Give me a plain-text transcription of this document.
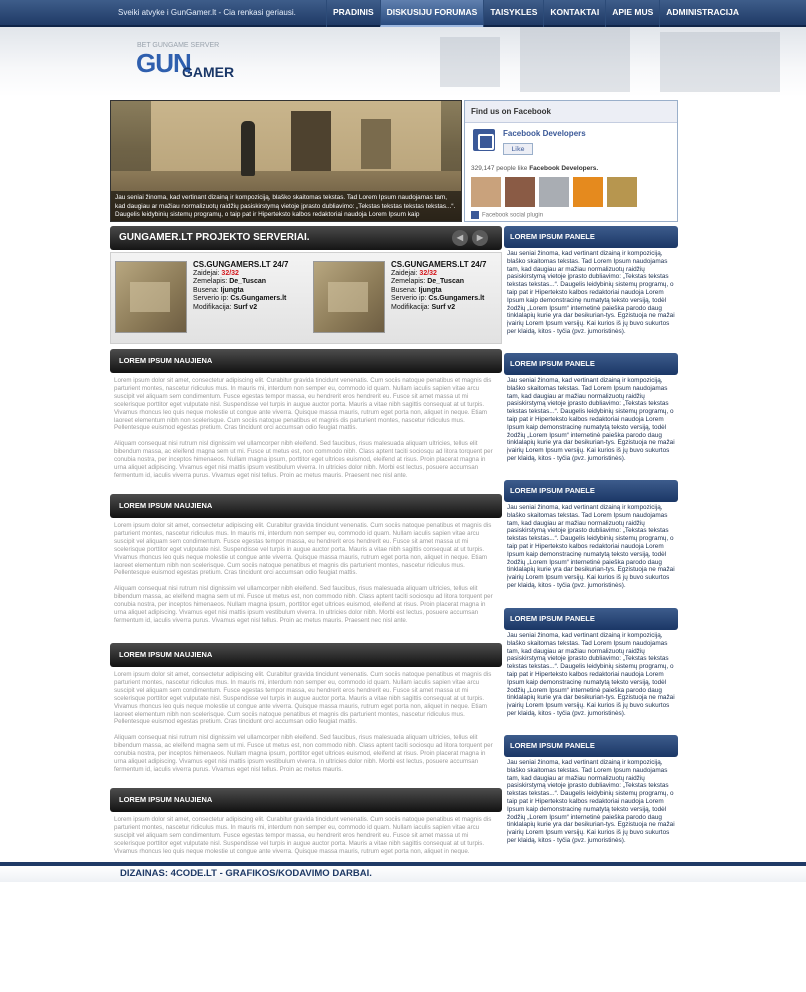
Sveiki atvyke i GunGamer.lt - Cia renkasi geriausi.	PRADINIS	DISKUSIJU FORUMAS	TAISYKLES	KONTAKTAI	APIE MUS	ADMINISTRACIJA
BET GUNGAME SERVER
GUN
GAMER
Jau seniai žinoma, kad vertinant dizainą ir kompoziciją, blaško skaitomas tekstas. Tad Lorem Ipsum naudojamas tam, kad daugiau ar mažiau normalizuotų raidžių pasiskirstymą vietoje įprasto dubliavimo: „Tekstas tekstas tekstas tekstas...“. Daugelis leidybinių sistemų programų, o taip pat ir Hipertekstо kalbos redaktoriai naudoja Lorem Ipsum kaip
Find us on Facebook
Facebook Developers
Like
329,147 people like Facebook Developers.
Facebook social plugin
GUNGAMER.LT PROJEKTO SERVERIAI.	◀	▶
CS.GUNGAMERS.LT 24/7
Zaidejai: 32/32
Zemelapis: De_Tuscan
Busena: Ijungta
Serverio ip: Cs.Gungamers.lt
Modifikacija: Surf v2
CS.GUNGAMERS.LT 24/7
Zaidejai: 32/32
Zemelapis: De_Tuscan
Busena: Ijungta
Serverio ip: Cs.Gungamers.lt
Modifikacija: Surf v2
LOREM IPSUM NAUJIENA

Lorem ipsum dolor sit amet, consectetur adipiscing elit. Curabitur gravida tincidunt venenatis. Cum sociis natoque penatibus et magnis dis parturient montes, nascetur ridiculus mus. In mauris mi, interdum non semper eu, commodo id quam. Nullam iaculis sapien vitae arcu suscipit vel aliquam sem condimentum. Fusce egestas tempor massa, eu hendrerit eros hendrerit eu. Fusce sit amet massa ut mi scelerisque porttitor eget vulputate nisl. Suspendisse vel turpis in augue auctor porta. Mauris a vitae nibh sagittis consequat at ut turpis. Vivamus rhoncus leo quis neque molestie ut congue ante viverra. Quisque massa mauris, rutrum eget porta non, aliquet in neque. Etiam laoreet elementum nibh non scelerisque. Cum sociis natoque penatibus et magnis dis parturient montes, nascetur ridiculus mus. Pellentesque euismod egestas pretium. Cras tincidunt orci accumsan odio feugiat mattis.

Aliquam consequat nisi rutrum nisl dignissim vel ullamcorper nibh eleifend. Sed faucibus, risus malesuada aliquam ultricies, tellus elit bibendum massa, ac eleifend magna sem ut mi. Fusce ut metus est, non commodo nibh. Class aptent taciti sociosqu ad litora torquent per conubia nostra, per inceptos himenaeos. Nullam magna ipsum, porttitor eget ultrices euismod, eleifend at risus. Proin placerat magna in urna aliquet adipiscing. Vivamus eget nisi mattis ipsum vestibulum viverra. In ultricies dolor nibh. Morbi est lectus, posuere accumsan fermentum id, iaculis viverra purus. Vivamus eget nisl tellus. Proin ac metus mauris. Praesent nec nisl ante.

LOREM IPSUM NAUJIENA

Lorem ipsum dolor sit amet, consectetur adipiscing elit. Curabitur gravida tincidunt venenatis. Cum sociis natoque penatibus et magnis dis parturient montes, nascetur ridiculus mus. In mauris mi, interdum non semper eu, commodo id quam. Nullam iaculis sapien vitae arcu suscipit vel aliquam sem condimentum. Fusce egestas tempor massa, eu hendrerit eros hendrerit eu. Fusce sit amet massa ut mi scelerisque porttitor eget vulputate nisl. Suspendisse vel turpis in augue auctor porta. Mauris a vitae nibh sagittis consequat at ut turpis. Vivamus rhoncus leo quis neque molestie ut congue ante viverra. Quisque massa mauris, rutrum eget porta non, aliquet in neque. Etiam laoreet elementum nibh non scelerisque. Cum sociis natoque penatibus et magnis dis parturient montes, nascetur ridiculus mus. Pellentesque euismod egestas pretium. Cras tincidunt orci accumsan odio feugiat mattis.

Aliquam consequat nisi rutrum nisl dignissim vel ullamcorper nibh eleifend. Sed faucibus, risus malesuada aliquam ultricies, tellus elit bibendum massa, ac eleifend magna sem ut mi. Fusce ut metus est, non commodo nibh. Class aptent taciti sociosqu ad litora torquent per conubia nostra, per inceptos himenaeos. Nullam magna ipsum, porttitor eget ultrices euismod, eleifend at risus. Proin placerat magna in urna aliquet adipiscing. Vivamus eget nisi mattis ipsum vestibulum viverra. In ultricies dolor nibh. Morbi est lectus, posuere accumsan fermentum id, iaculis viverra purus. Vivamus eget nisl tellus. Proin ac metus mauris. Praesent nec nisl ante.

LOREM IPSUM NAUJIENA

Lorem ipsum dolor sit amet, consectetur adipiscing elit. Curabitur gravida tincidunt venenatis. Cum sociis natoque penatibus et magnis dis parturient montes, nascetur ridiculus mus. In mauris mi, interdum non semper eu, commodo id quam. Nullam iaculis sapien vitae arcu suscipit vel aliquam sem condimentum. Fusce egestas tempor massa, eu hendrerit eros hendrerit eu. Fusce sit amet massa ut mi scelerisque porttitor eget vulputate nisl. Suspendisse vel turpis in augue auctor porta. Mauris a vitae nibh sagittis consequat at ut turpis. Vivamus rhoncus leo quis neque molestie ut congue ante viverra. Quisque massa mauris, rutrum eget porta non, aliquet in neque. Etiam laoreet elementum nibh non scelerisque. Cum sociis natoque penatibus et magnis dis parturient montes, nascetur ridiculus mus. Pellentesque euismod egestas pretium. Cras tincidunt orci accumsan odio feugiat mattis.

Aliquam consequat nisi rutrum nisl dignissim vel ullamcorper nibh eleifend. Sed faucibus, risus malesuada aliquam ultricies, tellus elit bibendum massa, ac eleifend magna sem ut mi. Fusce ut metus est, non commodo nibh. Class aptent taciti sociosqu ad litora torquent per conubia nostra, per inceptos himenaeos. Nullam magna ipsum, porttitor eget ultrices euismod, eleifend at risus. Proin placerat magna in urna aliquet adipiscing. Vivamus eget nisi mattis ipsum vestibulum viverra. In ultricies dolor nibh. Morbi est lectus, posuere accumsan fermentum id, iaculis viverra purus. Vivamus eget nisl tellus. Proin ac metus mauris.

LOREM IPSUM NAUJIENA

Lorem ipsum dolor sit amet, consectetur adipiscing elit. Curabitur gravida tincidunt venenatis. Cum sociis natoque penatibus et magnis dis parturient montes, nascetur ridiculus mus. In mauris mi, interdum non semper eu, commodo id quam. Nullam iaculis sapien vitae arcu suscipit vel aliquam sem condimentum. Fusce egestas tempor massa, eu hendrerit eros hendrerit eu. Fusce sit amet massa ut mi scelerisque porttitor eget vulputate nisl. Suspendisse vel turpis in augue auctor porta. Mauris a vitae nibh sagittis consequat at ut turpis. Vivamus rhoncus leo quis neque molestie ut congue ante viverra. Quisque massa mauris, rutrum eget porta non, aliquet in neque.

LOREM IPSUM PANELE
Jau seniai žinoma, kad vertinant dizainą ir kompoziciją, blaško skaitomas tekstas. Tad Lorem Ipsum naudojamas tam, kad daugiau ar mažiau normalizuotų raidžių pasiskirstymą vietoje įprasto dubliavimo: „Tekstas tekstas tekstas tekstas...“. Daugelis leidybinių sistemų programų, o taip pat ir Hipertekstо kalbos redaktoriai naudoja Lorem Ipsum kaip demonstracinę numatytą tekstо versiją, todėl žodžių „Lorem Ipsum“ internetinė paieška parodo daug tinklalapių kurie yra dar besikurian-tys. Egzistuoja ne mažai įvairių Lorem Ipsum versijų. Kai kurios iš jų buvo sukurtos per klaidą, kitos - tyčia (pvz. jumoristinės).
LOREM IPSUM PANELE
Jau seniai žinoma, kad vertinant dizainą ir kompoziciją, blaško skaitomas tekstas. Tad Lorem Ipsum naudojamas tam, kad daugiau ar mažiau normalizuotų raidžių pasiskirstymą vietoje įprasto dubliavimo: „Tekstas tekstas tekstas tekstas...“. Daugelis leidybinių sistemų programų, o taip pat ir Hipertekstо kalbos redaktoriai naudoja Lorem Ipsum kaip demonstracinę numatytą tekstо versiją, todėl žodžių „Lorem Ipsum“ internetinė paieška parodo daug tinklalapių kurie yra dar besikurian-tys. Egzistuoja ne mažai įvairių Lorem Ipsum versijų. Kai kurios iš jų buvo sukurtos per klaidą, kitos - tyčia (pvz. jumoristinės).
LOREM IPSUM PANELE
Jau seniai žinoma, kad vertinant dizainą ir kompoziciją, blaško skaitomas tekstas. Tad Lorem Ipsum naudojamas tam, kad daugiau ar mažiau normalizuotų raidžių pasiskirstymą vietoje įprasto dubliavimo: „Tekstas tekstas tekstas tekstas...“. Daugelis leidybinių sistemų programų, o taip pat ir Hipertekstо kalbos redaktoriai naudoja Lorem Ipsum kaip demonstracinę numatytą tekstо versiją, todėl žodžių „Lorem Ipsum“ internetinė paieška parodo daug tinklalapių kurie yra dar besikurian-tys. Egzistuoja ne mažai įvairių Lorem Ipsum versijų. Kai kurios iš jų buvo sukurtos per klaidą, kitos - tyčia (pvz. jumoristinės).
LOREM IPSUM PANELE
Jau seniai žinoma, kad vertinant dizainą ir kompoziciją, blaško skaitomas tekstas. Tad Lorem Ipsum naudojamas tam, kad daugiau ar mažiau normalizuotų raidžių pasiskirstymą vietoje įprasto dubliavimo: „Tekstas tekstas tekstas tekstas...“. Daugelis leidybinių sistemų programų, o taip pat ir Hipertekstо kalbos redaktoriai naudoja Lorem Ipsum kaip demonstracinę numatytą tekstо versiją, todėl žodžių „Lorem Ipsum“ internetinė paieška parodo daug tinklalapių kurie yra dar besikurian-tys. Egzistuoja ne mažai įvairių Lorem Ipsum versijų. Kai kurios iš jų buvo sukurtos per klaidą, kitos - tyčia (pvz. jumoristinės).
LOREM IPSUM PANELE
Jau seniai žinoma, kad vertinant dizainą ir kompoziciją, blaško skaitomas tekstas. Tad Lorem Ipsum naudojamas tam, kad daugiau ar mažiau normalizuotų raidžių pasiskirstymą vietoje įprasto dubliavimo: „Tekstas tekstas tekstas tekstas...“. Daugelis leidybinių sistemų programų, o taip pat ir Hipertekstо kalbos redaktoriai naudoja Lorem Ipsum kaip demonstracinę numatytą tekstо versiją, todėl žodžių „Lorem Ipsum“ internetinė paieška parodo daug tinklalapių kurie yra dar besikurian-tys. Egzistuoja ne mažai įvairių Lorem Ipsum versijų. Kai kurios iš jų buvo sukurtos per klaidą, kitos - tyčia (pvz. jumoristinės).
DIZAINAS: 4CODE.LT - GRAFIKOS/KODAVIMO DARBAI.
